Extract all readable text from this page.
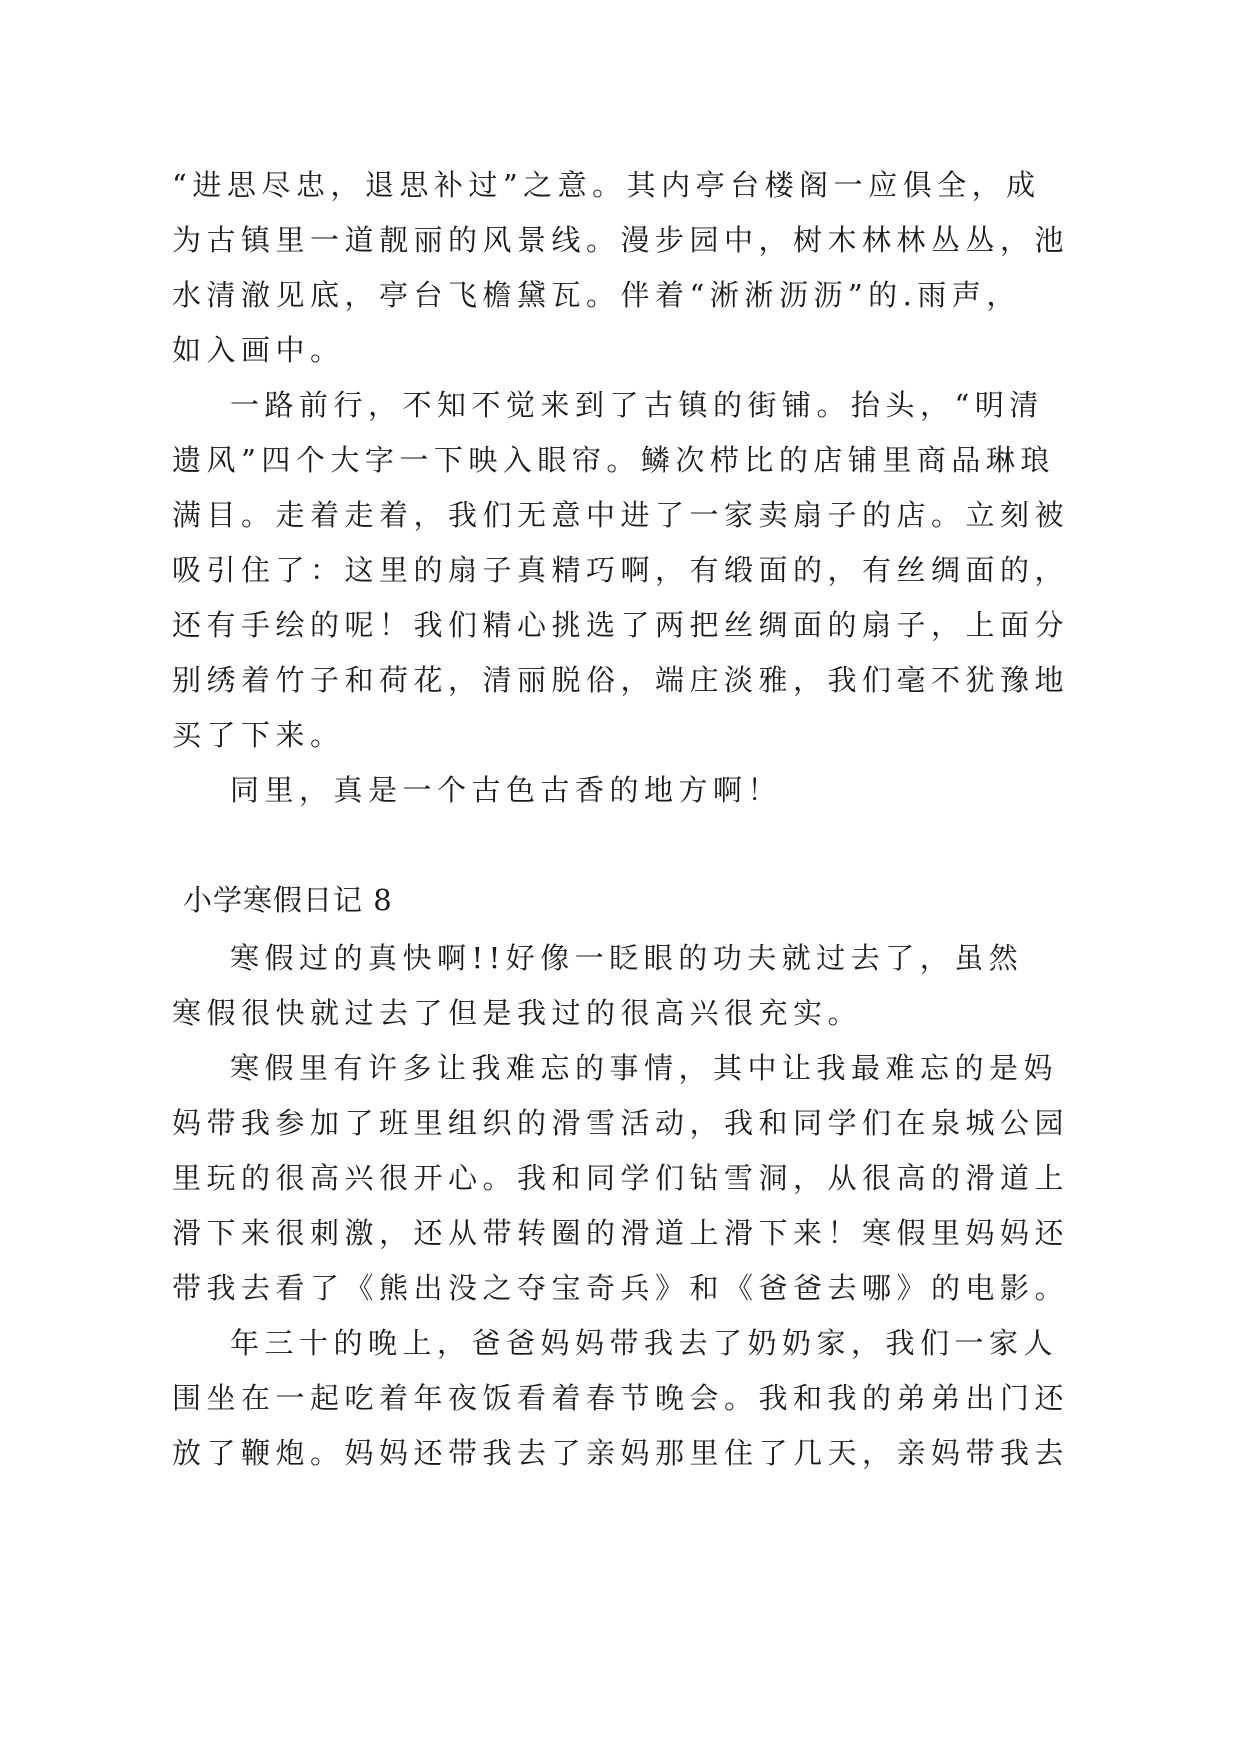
“进思尽忠，退思补过”之意。其内亭台楼阁一应俱全，成
为古镇里一道靓丽的风景线。漫步园中，树木林林丛丛，池
水清澈见底，亭台飞檐黛瓦。伴着“淅淅沥沥”的.雨声，
如入画中。
一路前行，不知不觉来到了古镇的街铺。抬头，“明清
遗风”四个大字一下映入眼帘。鳞次栉比的店铺里商品琳琅
满目。走着走着，我们无意中进了一家卖扇子的店。立刻被
吸引住了：这里的扇子真精巧啊，有缎面的，有丝绸面的，
还有手绘的呢！我们精心挑选了两把丝绸面的扇子，上面分
别绣着竹子和荷花，清丽脱俗，端庄淡雅，我们毫不犹豫地
买了下来。
同里，真是一个古色古香的地方啊！
小学寒假日记 8
寒假过的真快啊!!好像一眨眼的功夫就过去了，虽然
寒假很快就过去了但是我过的很高兴很充实。
寒假里有许多让我难忘的事情，其中让我最难忘的是妈
妈带我参加了班里组织的滑雪活动，我和同学们在泉城公园
里玩的很高兴很开心。我和同学们钻雪洞，从很高的滑道上
滑下来很刺激，还从带转圈的滑道上滑下来！寒假里妈妈还
带我去看了《熊出没之夺宝奇兵》和《爸爸去哪》的电影。
年三十的晚上，爸爸妈妈带我去了奶奶家，我们一家人
围坐在一起吃着年夜饭看着春节晚会。我和我的弟弟出门还
放了鞭炮。妈妈还带我去了亲妈那里住了几天，亲妈带我去
